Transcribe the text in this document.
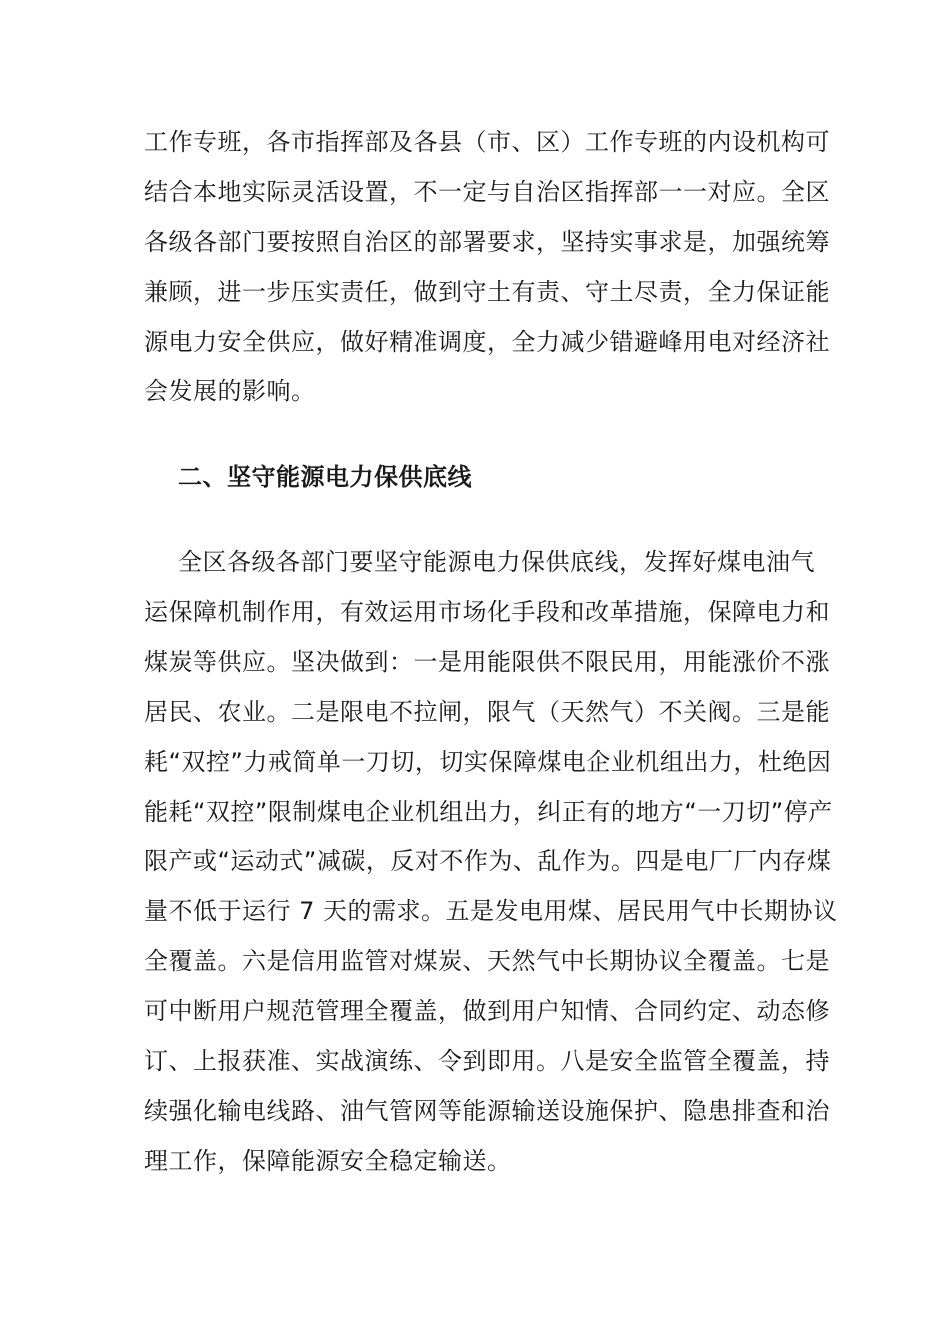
工作专班，各市指挥部及各县（市、区）工作专班的内设机构可
结合本地实际灵活设置，不一定与自治区指挥部一一对应。全区
各级各部门要按照自治区的部署要求，坚持实事求是，加强统筹
兼顾，进一步压实责任，做到守土有责、守土尽责，全力保证能
源电力安全供应，做好精准调度，全力减少错避峰用电对经济社
会发展的影响。
二、坚守能源电力保供底线
全区各级各部门要坚守能源电力保供底线，发挥好煤电油气
运保障机制作用，有效运用市场化手段和改革措施，保障电力和
煤炭等供应。坚决做到：一是用能限供不限民用，用能涨价不涨
居民、农业。二是限电不拉闸，限气（天然气）不关阀。三是能
耗“双控”力戒简单一刀切，切实保障煤电企业机组出力，杜绝因
能耗“双控”限制煤电企业机组出力，纠正有的地方“一刀切”停产
限产或“运动式”减碳，反对不作为、乱作为。四是电厂厂内存煤
量不低于运行 7 天的需求。五是发电用煤、居民用气中长期协议
全覆盖。六是信用监管对煤炭、天然气中长期协议全覆盖。七是
可中断用户规范管理全覆盖，做到用户知情、合同约定、动态修
订、上报获准、实战演练、令到即用。八是安全监管全覆盖，持
续强化输电线路、油气管网等能源输送设施保护、隐患排查和治
理工作，保障能源安全稳定输送。
